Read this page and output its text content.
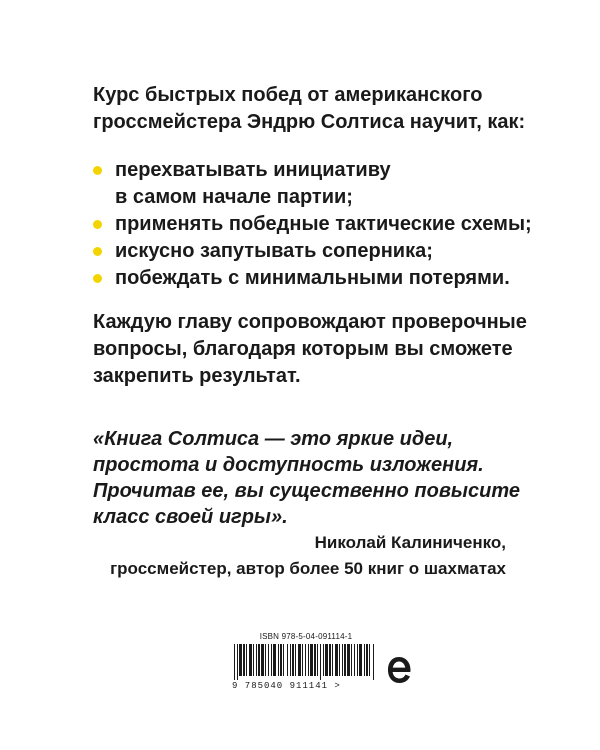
Курс быстрых побед от американского
гроссмейстера Эндрю Солтиса научит, как:
перехватывать инициативу
в самом начале партии;
применять победные тактические схемы;
искусно запутывать соперника;
побеждать с минимальными потерями.
Каждую главу сопровождают проверочные
вопросы, благодаря которым вы сможете
закрепить результат.
«Книга Солтиса — это яркие идеи,
простота и доступность изложения.
Прочитав ее, вы существенно повысите
класс своей игры».
Николай Калиниченко,
гроссмейстер, автор более 50 книг о шахматах
ISBN 978-5-04-091114-1
9 785040 911141 >
